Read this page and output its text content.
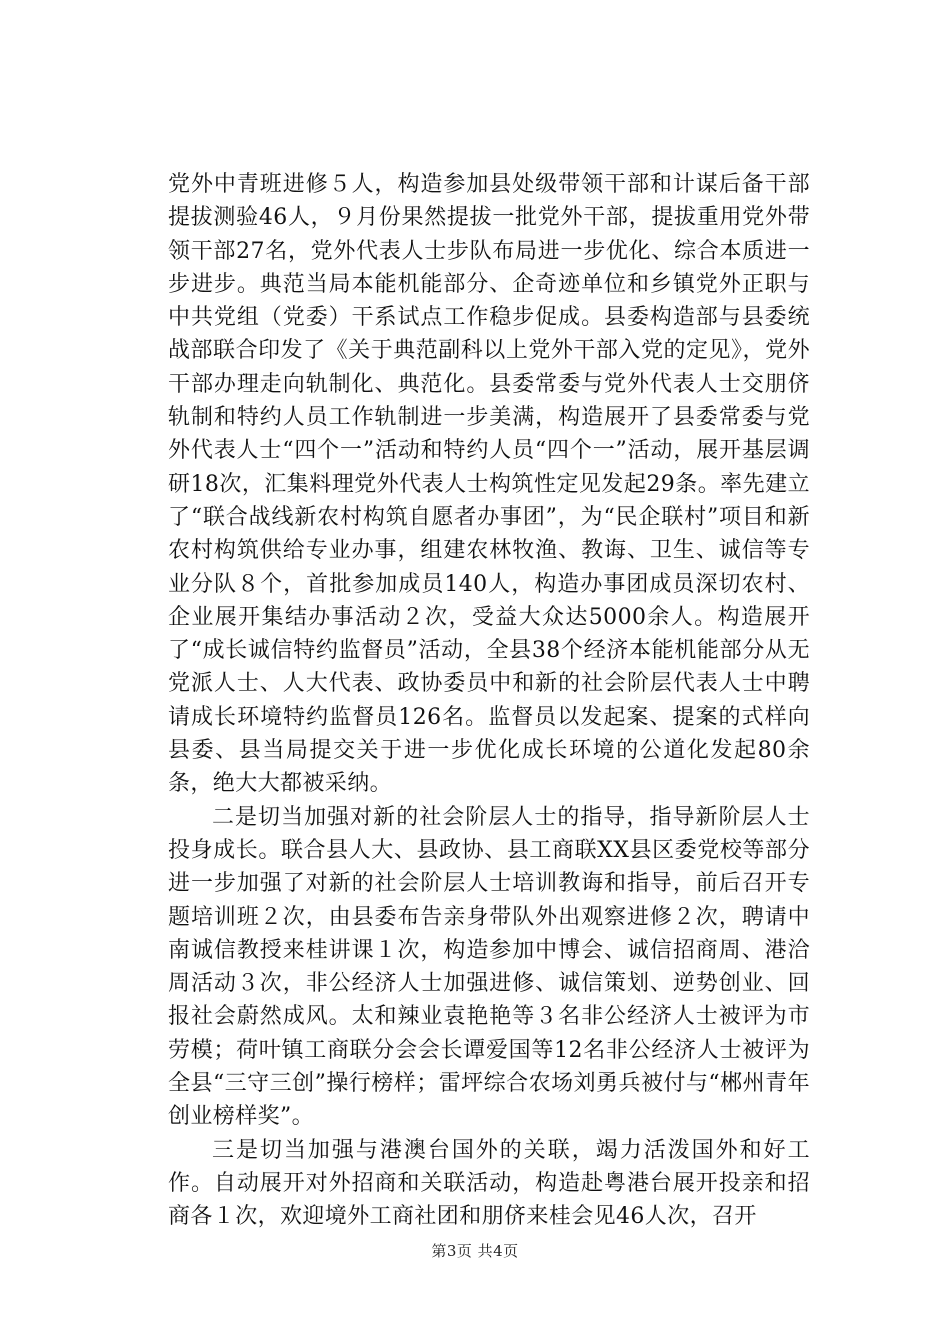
党外中青班进修５人，构造参加县处级带领干部和计谋后备干部提拔测验46人，９月份果然提拔一批党外干部，提拔重用党外带领干部27名，党外代表人士步队布局进一步优化、综合本质进一步进步。典范当局本能机能部分、企奇迹单位和乡镇党外正职与中共党组（党委）干系试点工作稳步促成。县委构造部与县委统战部联合印发了《关于典范副科以上党外干部入党的定见》，党外干部办理走向轨制化、典范化。县委常委与党外代表人士交朋侪轨制和特约人员工作轨制进一步美满，构造展开了县委常委与党外代表人士“四个一”活动和特约人员“四个一”活动，展开基层调研18次，汇集料理党外代表人士构筑性定见发起29条。率先建立了“联合战线新农村构筑自愿者办事团”，为“民企联村”项目和新农村构筑供给专业办事，组建农林牧渔、教诲、卫生、诚信等专业分队８个，首批参加成员140人，构造办事团成员深切农村、企业展开集结办事活动２次，受益大众达5000余人。构造展开了“成长诚信特约监督员”活动，全县38个经济本能机能部分从无党派人士、人大代表、政协委员中和新的社会阶层代表人士中聘请成长环境特约监督员126名。监督员以发起案、提案的式样向县委、县当局提交关于进一步优化成长环境的公道化发起80余条，绝大大都被采纳。

二是切当加强对新的社会阶层人士的指导，指导新阶层人士投身成长。联合县人大、县政协、县工商联XX县区委党校等部分进一步加强了对新的社会阶层人士培训教诲和指导，前后召开专题培训班２次，由县委布告亲身带队外出观察进修２次，聘请中南诚信教授来桂讲课１次，构造参加中博会、诚信招商周、港洽周活动３次，非公经济人士加强进修、诚信策划、逆势创业、回报社会蔚然成风。太和辣业袁艳艳等３名非公经济人士被评为市劳模；荷叶镇工商联分会会长谭爱国等12名非公经济人士被评为全县“三守三创”操行榜样；雷坪综合农场刘勇兵被付与“郴州青年创业榜样奖”。

三是切当加强与港澳台国外的关联，竭力活泼国外和好工作。自动展开对外招商和关联活动，构造赴粤港台展开投亲和招商各１次，欢迎境外工商社团和朋侪来桂会见46人次，召开

第3页 共4页
